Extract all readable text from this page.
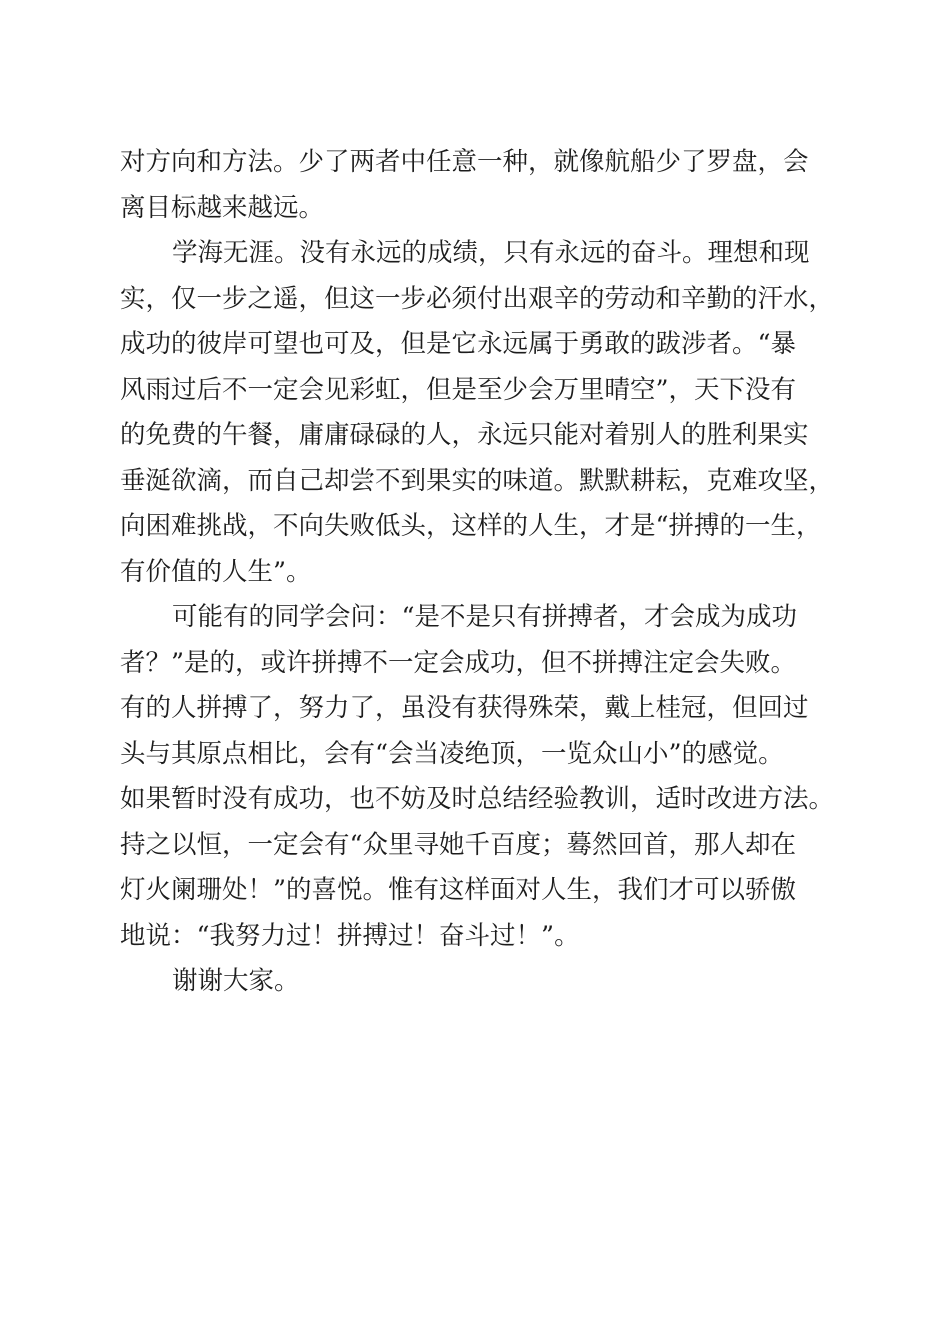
对方向和方法。少了两者中任意一种，就像航船少了罗盘，会
离目标越来越远。
学海无涯。没有永远的成绩，只有永远的奋斗。理想和现
实，仅一步之遥，但这一步必须付出艰辛的劳动和辛勤的汗水，
成功的彼岸可望也可及，但是它永远属于勇敢的跋涉者。“暴
风雨过后不一定会见彩虹，但是至少会万里晴空”，天下没有
的免费的午餐，庸庸碌碌的人，永远只能对着别人的胜利果实
垂涎欲滴，而自己却尝不到果实的味道。默默耕耘，克难攻坚，
向困难挑战，不向失败低头，这样的人生，才是“拼搏的一生，
有价值的人生”。
可能有的同学会问：“是不是只有拼搏者，才会成为成功
者？”是的，或许拼搏不一定会成功，但不拼搏注定会失败。
有的人拼搏了，努力了，虽没有获得殊荣，戴上桂冠，但回过
头与其原点相比，会有“会当凌绝顶，一览众山小”的感觉。
如果暂时没有成功，也不妨及时总结经验教训，适时改进方法。
持之以恒，一定会有“众里寻她千百度；蓦然回首，那人却在
灯火阑珊处！”的喜悦。惟有这样面对人生，我们才可以骄傲
地说：“我努力过！拼搏过！奋斗过！”。
谢谢大家。
